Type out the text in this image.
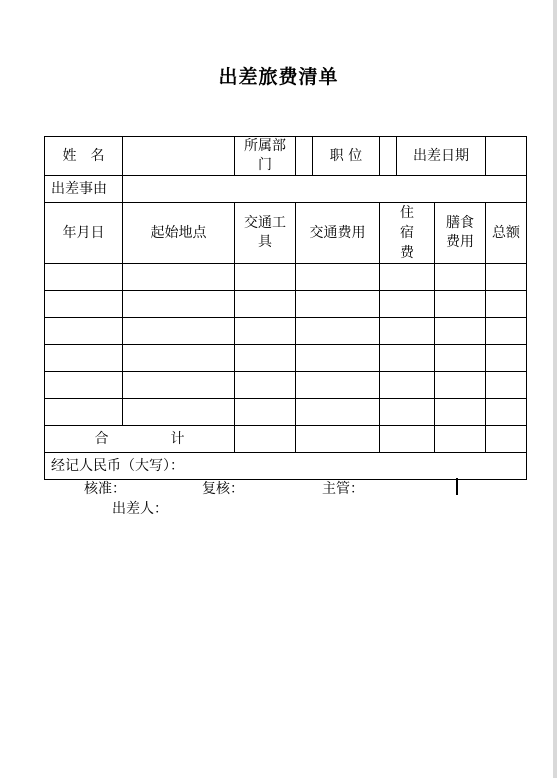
出差旅费清单
姓　名		所属部门		职 位		出差日期		
出差事由								
年月日	起始地点	交通工具	交通费用		住宿费		膳食费用	总额

合 计								
经记人民币（大写）：								
核准：	复核：	主管：
出差人：
